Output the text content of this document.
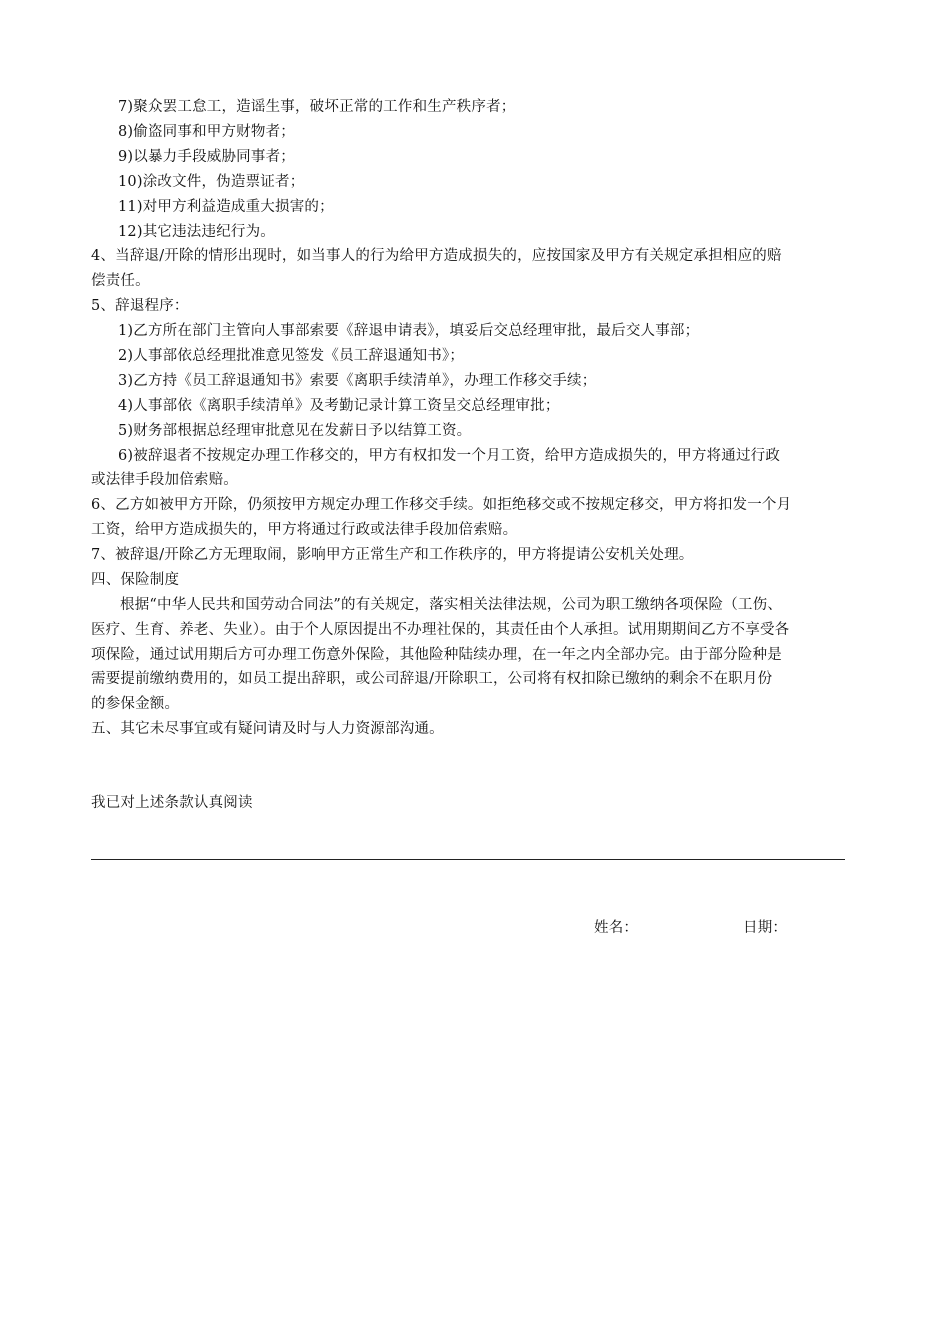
7)聚众罢工怠工，造谣生事，破坏正常的工作和生产秩序者；
8)偷盗同事和甲方财物者；
9)以暴力手段威胁同事者；
10)涂改文件，伪造票证者；
11)对甲方利益造成重大损害的；
12)其它违法违纪行为。
4、当辞退/开除的情形出现时，如当事人的行为给甲方造成损失的，应按国家及甲方有关规定承担相应的赔
偿责任。
5、辞退程序：
1)乙方所在部门主管向人事部索要《辞退申请表》，填妥后交总经理审批，最后交人事部；
2)人事部依总经理批准意见签发《员工辞退通知书》；
3)乙方持《员工辞退通知书》索要《离职手续清单》，办理工作移交手续；
4)人事部依《离职手续清单》及考勤记录计算工资呈交总经理审批；
5)财务部根据总经理审批意见在发薪日予以结算工资。
6)被辞退者不按规定办理工作移交的，甲方有权扣发一个月工资，给甲方造成损失的，甲方将通过行政
或法律手段加倍索赔。
6、乙方如被甲方开除，仍须按甲方规定办理工作移交手续。如拒绝移交或不按规定移交，甲方将扣发一个月
工资，给甲方造成损失的，甲方将通过行政或法律手段加倍索赔。
7、被辞退/开除乙方无理取闹，影响甲方正常生产和工作秩序的，甲方将提请公安机关处理。
四、保险制度
根据“中华人民共和国劳动合同法”的有关规定，落实相关法律法规，公司为职工缴纳各项保险（工伤、
医疗、生育、养老、失业）。由于个人原因提出不办理社保的，其责任由个人承担。试用期期间乙方不享受各
项保险，通过试用期后方可办理工伤意外保险，其他险种陆续办理，在一年之内全部办完。由于部分险种是
需要提前缴纳费用的，如员工提出辞职，或公司辞退/开除职工，公司将有权扣除已缴纳的剩余不在职月份
的参保金额。
五、其它未尽事宜或有疑问请及时与人力资源部沟通。
我已对上述条款认真阅读
姓名：	日期：
